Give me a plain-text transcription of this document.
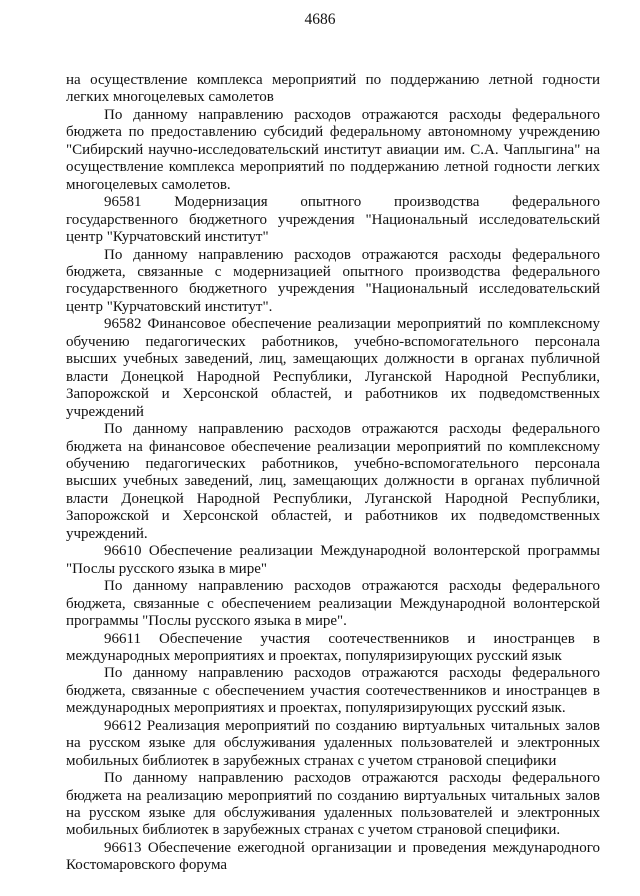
4686

на осуществление комплекса мероприятий по поддержанию летной годности легких многоцелевых самолетов

По данному направлению расходов отражаются расходы федерального бюджета по предоставлению субсидий федеральному автономному учреждению "Сибирский научно-исследовательский институт авиации им. С.А. Чаплыгина" на осуществление комплекса мероприятий по поддержанию летной годности легких многоцелевых самолетов.

96581 Модернизация опытного производства федерального государственного бюджетного учреждения "Национальный исследовательский центр "Курчатовский институт"

По данному направлению расходов отражаются расходы федерального бюджета, связанные с модернизацией опытного производства федерального государственного бюджетного учреждения "Национальный исследовательский центр "Курчатовский институт".

96582 Финансовое обеспечение реализации мероприятий по комплексному обучению педагогических работников, учебно-вспомогательного персонала высших учебных заведений, лиц, замещающих должности в органах публичной власти Донецкой Народной Республики, Луганской Народной Республики, Запорожской и Херсонской областей, и работников их подведомственных учреждений

По данному направлению расходов отражаются расходы федерального бюджета на финансовое обеспечение реализации мероприятий по комплексному обучению педагогических работников, учебно-вспомогательного персонала высших учебных заведений, лиц, замещающих должности в органах публичной власти Донецкой Народной Республики, Луганской Народной Республики, Запорожской и Херсонской областей, и работников их подведомственных учреждений.

96610 Обеспечение реализации Международной волонтерской программы "Послы русского языка в мире"

По данному направлению расходов отражаются расходы федерального бюджета, связанные с обеспечением реализации Международной волонтерской программы "Послы русского языка в мире".

96611 Обеспечение участия соотечественников и иностранцев в международных мероприятиях и проектах, популяризирующих русский язык

По данному направлению расходов отражаются расходы федерального бюджета, связанные с обеспечением участия соотечественников и иностранцев в международных мероприятиях и проектах, популяризирующих русский язык.

96612 Реализация мероприятий по созданию виртуальных читальных залов на русском языке для обслуживания удаленных пользователей и электронных мобильных библиотек в зарубежных странах с учетом страновой специфики

По данному направлению расходов отражаются расходы федерального бюджета на реализацию мероприятий по созданию виртуальных читальных залов на русском языке для обслуживания удаленных пользователей и электронных мобильных библиотек в зарубежных странах с учетом страновой специфики.

96613 Обеспечение ежегодной организации и проведения международного Костомаровского форума
